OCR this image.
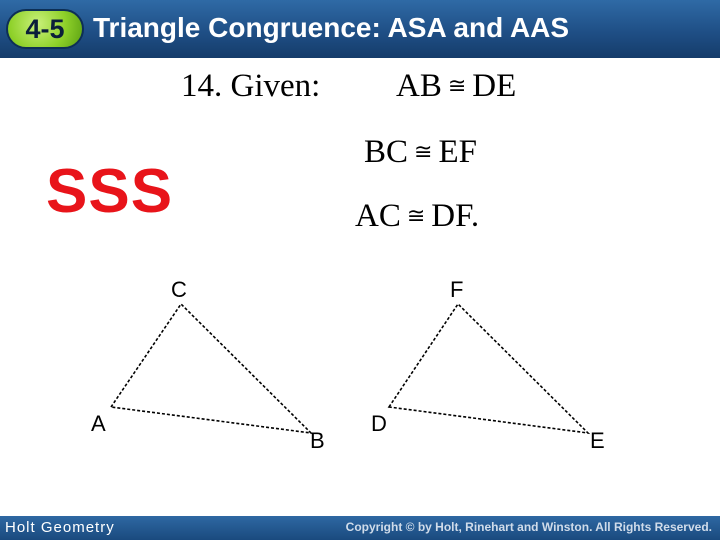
4-5	Triangle Congruence: ASA and AAS
14. Given: AB ≅ DE
BC ≅ EF
AC ≅ DF.
SSS
A
B
C
D
E
F
Holt Geometry	Copyright © by Holt, Rinehart and Winston. All Rights Reserved.
